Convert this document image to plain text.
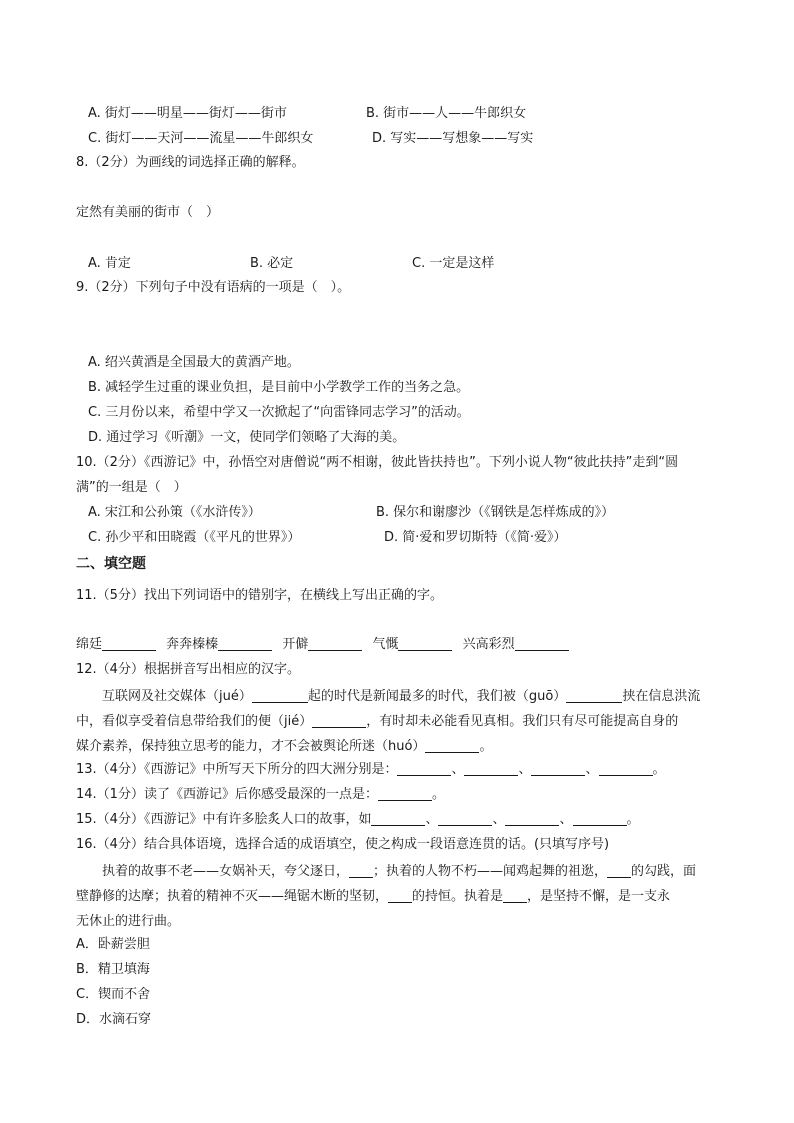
A. 街灯——明星——街灯——街市	B. 街市——人——牛郎织女
C. 街灯——天河——流星——牛郎织女	D. 写实——写想象——写实
8.（2分）为画线的词选择正确的解释。
定然有美丽的街市（　）
A. 肯定	B. 必定	C. 一定是这样
9.（2分）下列句子中没有语病的一项是（　）。
A. 绍兴黄酒是全国最大的黄酒产地。
B. 减轻学生过重的课业负担，是目前中小学教学工作的当务之急。
C. 三月份以来，希望中学又一次掀起了“向雷锋同志学习”的活动。
D. 通过学习《听潮》一文，使同学们领略了大海的美。
10.（2分）《西游记》中，孙悟空对唐僧说“两不相谢，彼此皆扶持也”。下列小说人物“彼此扶持”走到“圆
满”的一组是（　）
A. 宋江和公孙策（《水浒传》）	B. 保尔和谢廖沙（《钢铁是怎样炼成的》）
C. 孙少平和田晓霞（《平凡的世界》）	D. 简·爱和罗切斯特（《简·爱》）
二、填空题
11.（5分）找出下列词语中的错别字，在横线上写出正确的字。
绵廷	奔奔榛榛	开僻	气慨	兴高彩烈
12.（4分）根据拼音写出相应的汉字。

互联网及社交媒体（jué）	起的时代是新闻最多的时代，我们被（guō）	挟在信息洪流

中，看似享受着信息带给我们的便（jié）	，有时却未必能看见真相。我们只有尽可能提高自身的

媒介素养，保持独立思考的能力，才不会被舆论所迷（huó）	。

13.（4分）《西游记》中所写天下所分的四大洲分别是：	、	、	、	。
14.（1分）读了《西游记》后你感受最深的一点是：	。
15.（4分）《西游记》中有许多脍炙人口的故事，如	、	、	、	。
16.（4分）结合具体语境，选择合适的成语填空，使之构成一段语意连贯的话。(只填写序号)

执着的故事不老——女娲补天，夸父逐日， ；执着的人物不朽——闻鸡起舞的祖逖， 的勾践，面

壁静修的达摩；执着的精神不灭——绳锯木断的坚韧， 的持恒。执着是 ，是坚持不懈，是一支永

无休止的进行曲。

A．卧薪尝胆
B．精卫填海
C．锲而不舍
D．水滴石穿
